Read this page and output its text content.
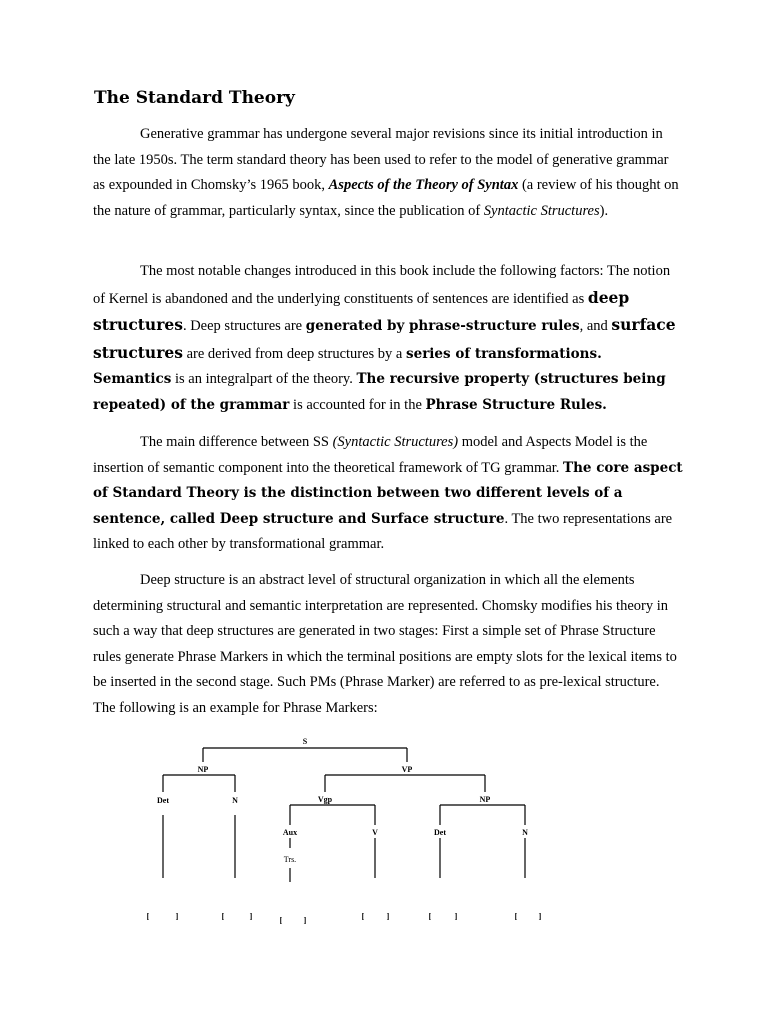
The Standard Theory

Generative grammar has undergone several major revisions since its initial introduction in the late 1950s. The term standard theory has been used to refer to the model of generative grammar as expounded in Chomsky’s 1965 book, Aspects of the Theory of Syntax (a review of his thought on the nature of grammar, particularly syntax, since the publication of Syntactic Structures).

The most notable changes introduced in this book include the following factors: The notion of Kernel is abandoned and the underlying constituents of sentences are identified as deep structures. Deep structures are generated by phrase-structure rules, and surface structures are derived from deep structures by a series of transformations. Semantics is an integralpart of the theory. The recursive property (structures being repeated) of the grammar is accounted for in the Phrase Structure Rules.

The main difference between SS (Syntactic Structures) model and Aspects Model is the insertion of semantic component into the theoretical framework of TG grammar. The core aspect of Standard Theory is the distinction between two different levels of a sentence, called Deep structure and Surface structure. The two representations are linked to each other by transformational grammar.

Deep structure is an abstract level of structural organization in which all the elements determining structural and semantic interpretation are represented. Chomsky modifies his theory in such a way that deep structures are generated in two stages: First a simple set of Phrase Structure rules generate Phrase Markers in which the terminal positions are empty slots for the lexical items to be inserted in the second stage. Such PMs (Phrase Marker) are referred to as pre-lexical structure. The following is an example for Phrase Markers:

S
NP	VP
Det	N	Vgp	NP
Aux	V	Det	N
Trs.
[	]	[	]	[	]	[	]	[	]	[	]
